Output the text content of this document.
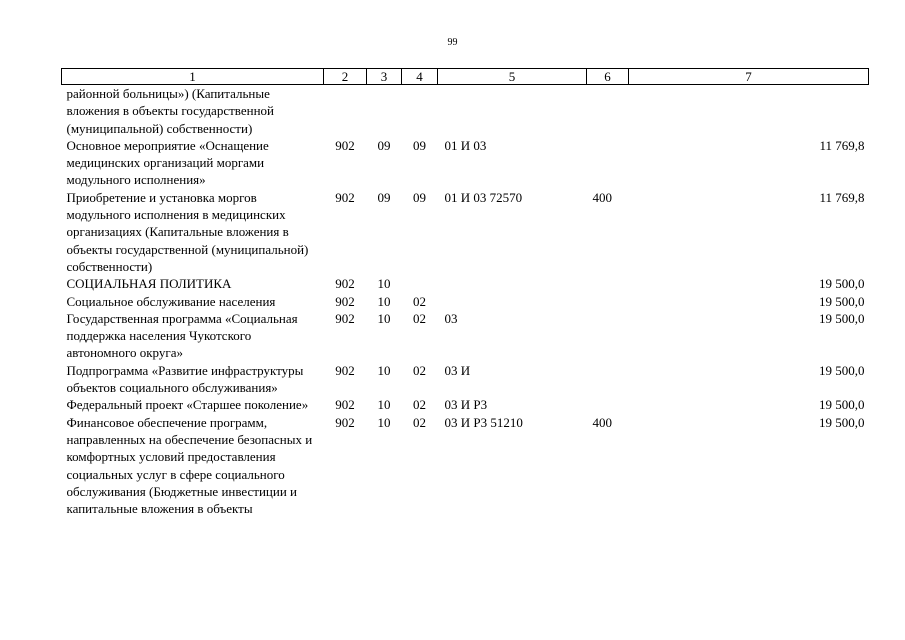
99
1	2	3	4	5	6	7
районной больницы») (Капитальные вложения в объекты государственной (муниципальной) собственности)						
Основное мероприятие «Оснащение медицинских организаций моргами модульного исполнения»	902	09	09	01 И 03		11 769,8
Приобретение и установка моргов модульного исполнения в медицинских организациях (Капитальные вложения в объекты государственной (муниципальной) собственности)	902	09	09	01 И 03 72570	400	11 769,8
СОЦИАЛЬНАЯ ПОЛИТИКА	902	10				19 500,0
Социальное обслуживание населения	902	10	02			19 500,0
Государственная программа «Социальная поддержка населения Чукотского автономного округа»	902	10	02	03		19 500,0
Подпрограмма «Развитие инфраструктуры объектов социального обслуживания»	902	10	02	03 И		19 500,0
Федеральный проект «Старшее поколение»	902	10	02	03 И Р3		19 500,0
Финансовое обеспечение программ, направленных на обеспечение безопасных и комфортных условий предоставления социальных услуг в сфере социального обслуживания (Бюджетные инвестиции и капитальные вложения в объекты	902	10	02	03 И Р3 51210	400	19 500,0
